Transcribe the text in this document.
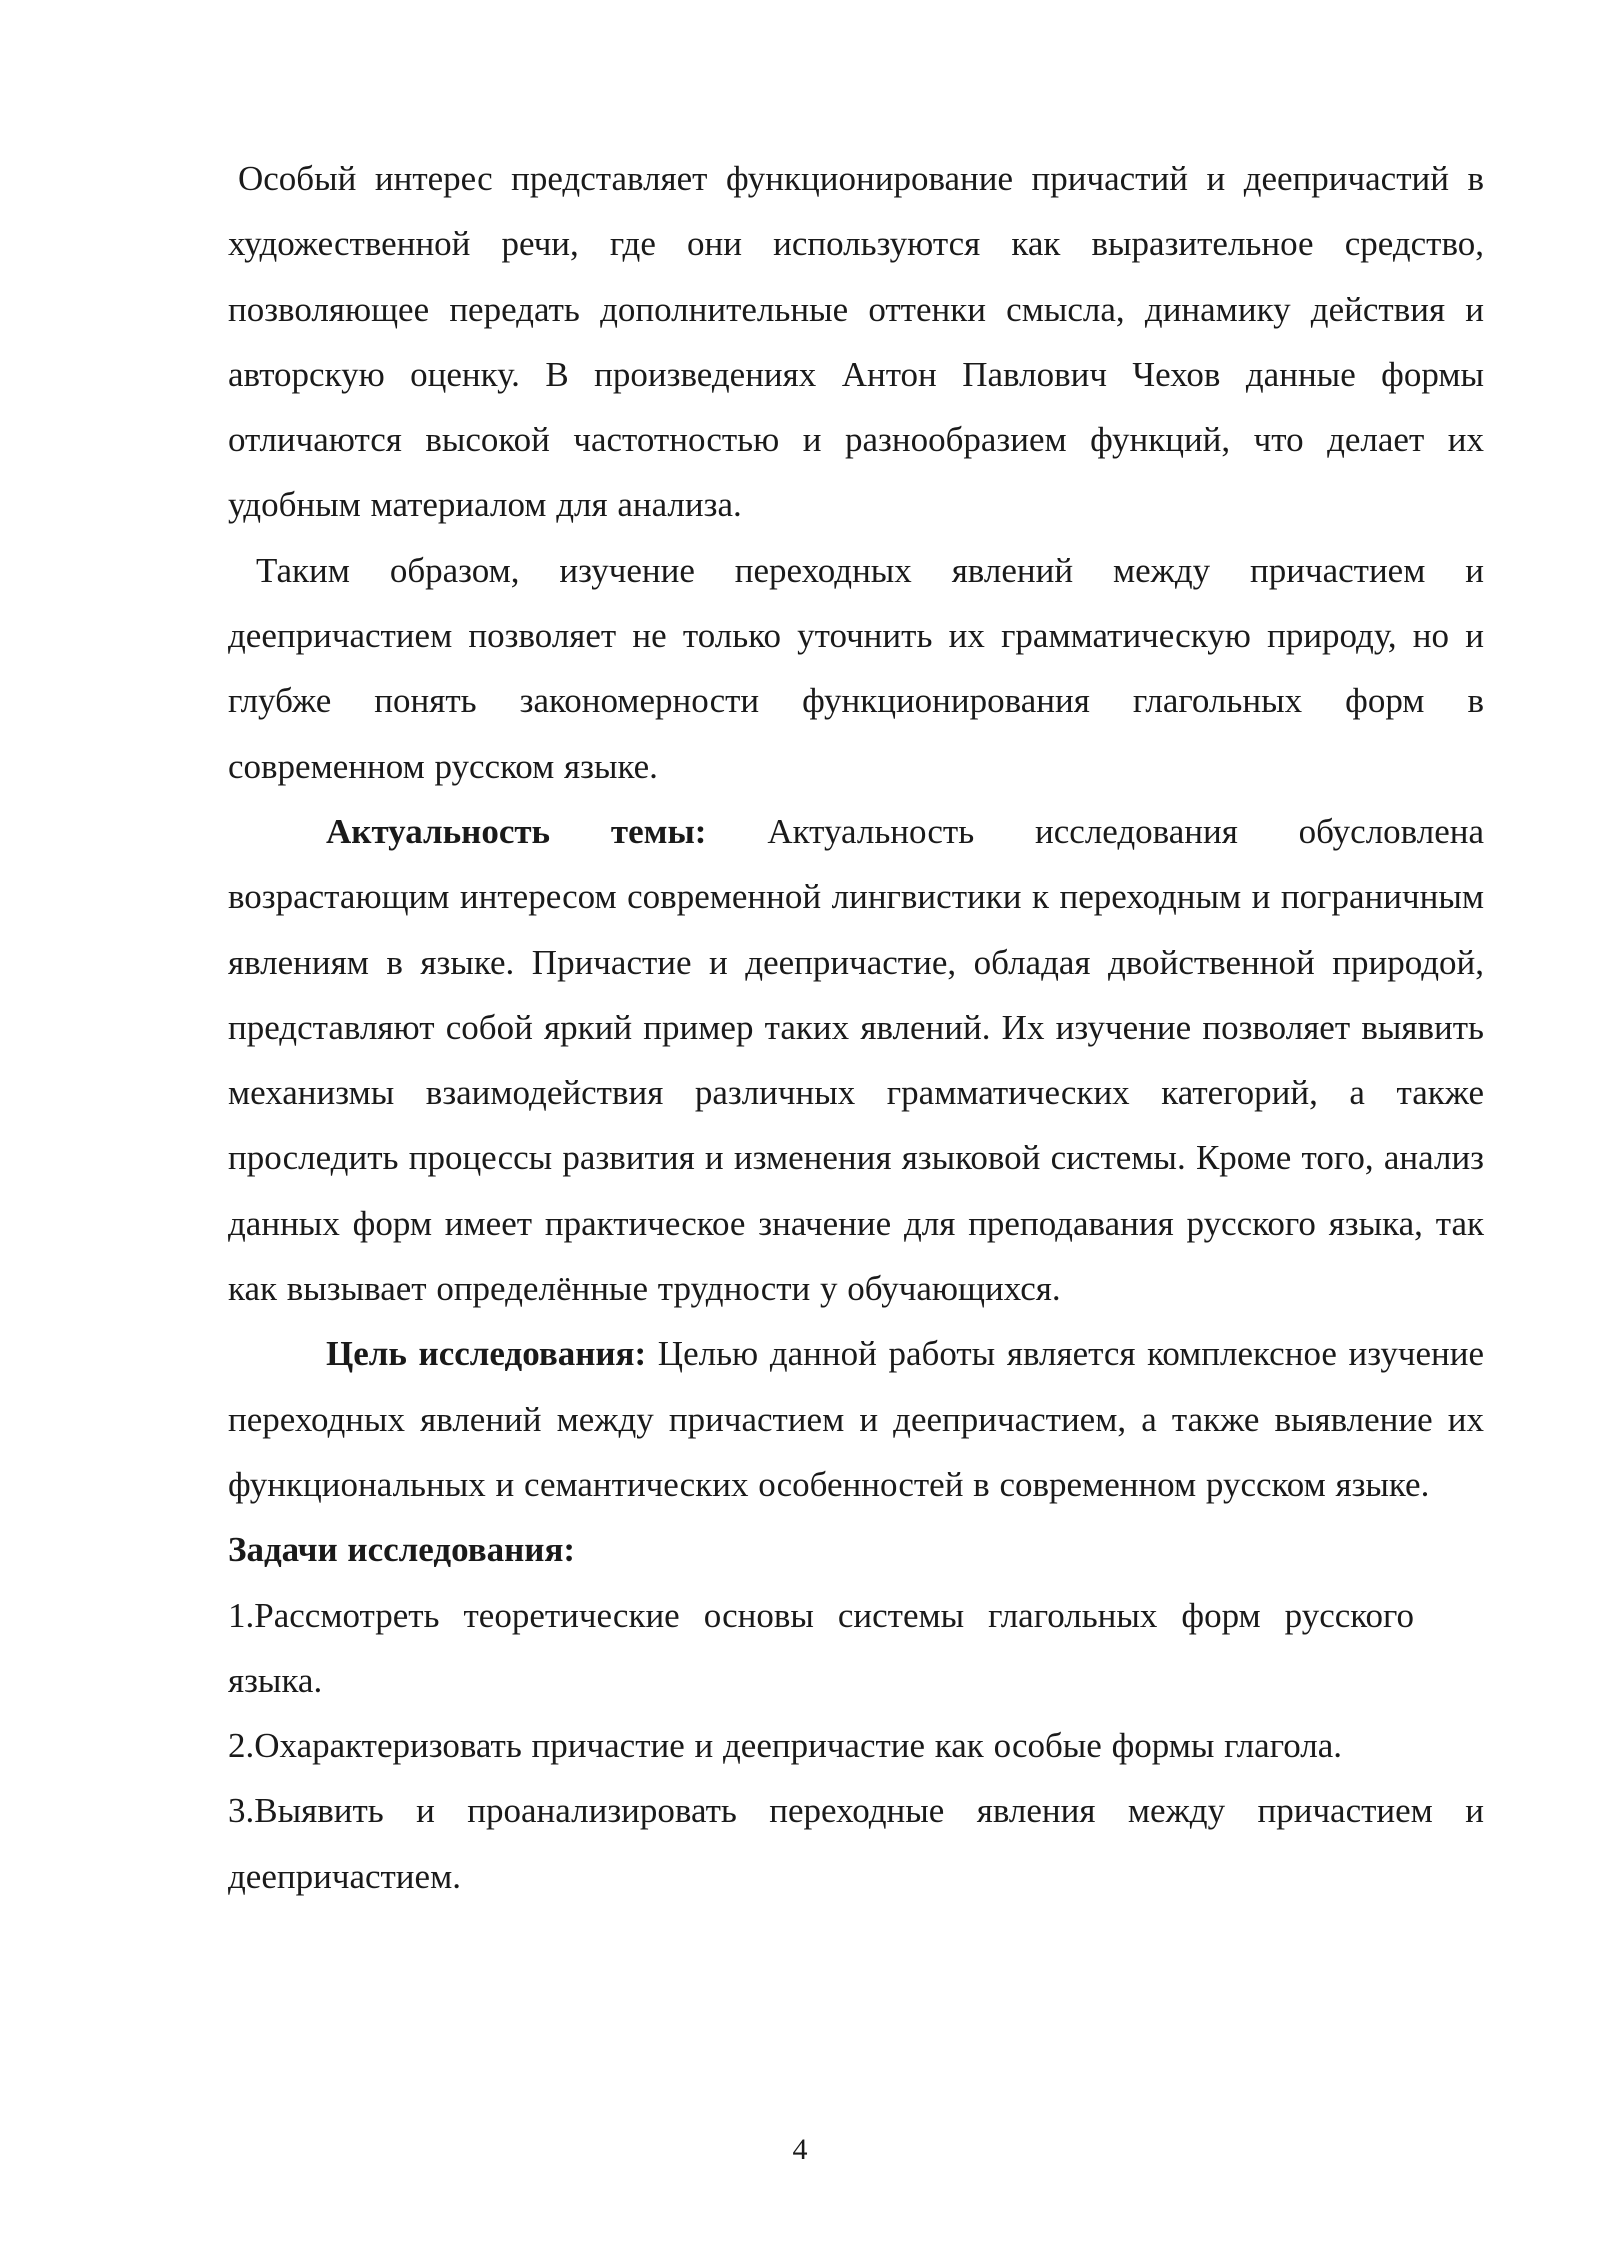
Особый интерес представляет функционирование причастий и деепричастий в художественной речи, где они используются как выразительное средство, позволяющее передать дополнительные оттенки смысла, динамику действия и авторскую оценку. В произведениях Антон Павлович Чехов данные формы отличаются высокой частотностью и разнообразием функций, что делает их удобным материалом для анализа.

Таким образом, изучение переходных явлений между причастием и деепричастием позволяет не только уточнить их грамматическую природу, но и глубже понять закономерности функционирования глагольных форм в современном русском языке.

Актуальность темы: Актуальность исследования обусловлена возрастающим интересом современной лингвистики к переходным и пограничным явлениям в языке. Причастие и деепричастие, обладая двойственной природой, представляют собой яркий пример таких явлений. Их изучение позволяет выявить механизмы взаимодействия различных грамматических категорий, а также проследить процессы развития и изменения языковой системы. Кроме того, анализ данных форм имеет практическое значение для преподавания русского языка, так как вызывает определённые трудности у обучающихся.

Цель исследования: Целью данной работы является комплексное изучение переходных явлений между причастием и деепричастием, а также выявление их функциональных и семантических особенностей в современном русском языке.

Задачи исследования:

1.Рассмотреть теоретические основы системы глагольных форм русского языка.

2.Охарактеризовать причастие и деепричастие как особые формы глагола.

3.Выявить и проанализировать переходные явления между причастием и деепричастием.

4
